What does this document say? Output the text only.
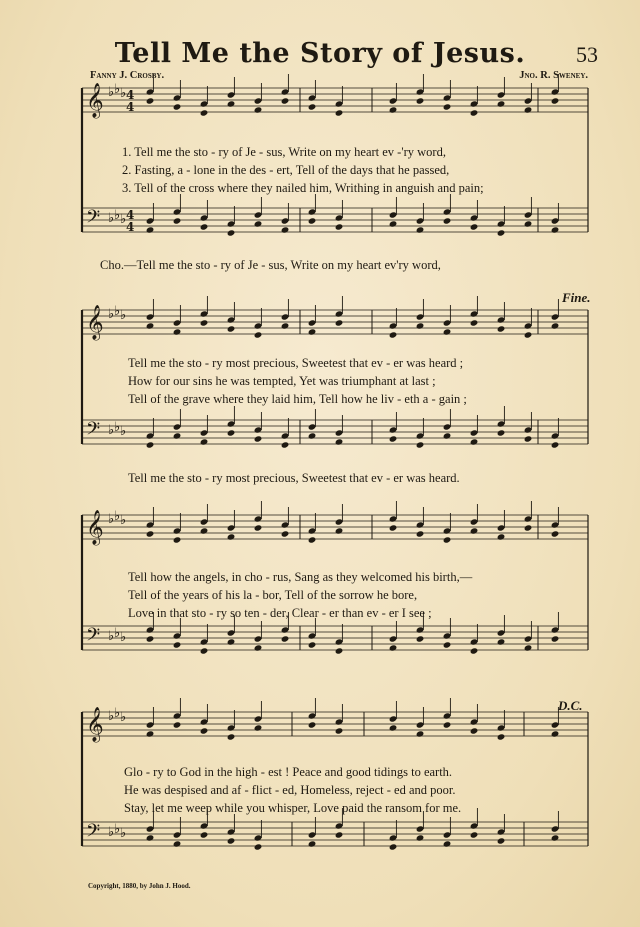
Tell Me the Story of Jesus.	53
Fanny J. Crosby.	Jno. R. Sweney.
𝄞 ♭ ♭ ♭
𝄢 ♭ ♭ ♭
𝄞 ♭ ♭ ♭
𝄢 ♭ ♭ ♭
𝄞 ♭ ♭ ♭
𝄢 ♭ ♭ ♭
𝄞 ♭ ♭ ♭
𝄢 ♭ ♭ ♭
4
4
4
4
1. Tell me the sto - ry of Je - sus, Write on my heart ev -'ry word,
2. Fasting, a - lone in the des - ert, Tell of the days that he passed,
3. Tell of the cross where they nailed him, Writhing in anguish and pain;
Cho.—Tell me the sto - ry of Je - sus, Write on my heart ev'ry word,
Fine.
Tell me the sto - ry most precious, Sweetest that ev - er was heard ;
How for our sins he was tempted, Yet was triumphant at last ;
Tell of the grave where they laid him, Tell how he liv - eth a - gain ;
Tell me the sto - ry most precious, Sweetest that ev - er was heard.
Tell how the angels, in cho - rus, Sang as they welcomed his birth,—
Tell of the years of his la - bor, Tell of the sorrow he bore,
Love in that sto - ry so ten - der, Clear - er than ev - er I see ;
D.C.
Glo - ry to God in the high - est ! Peace and good tidings to earth.
He was despised and af - flict - ed, Homeless, reject - ed and poor.
Stay, let me weep while you whisper, Love paid the ransom for me.
Copyright, 1880, by John J. Hood.
